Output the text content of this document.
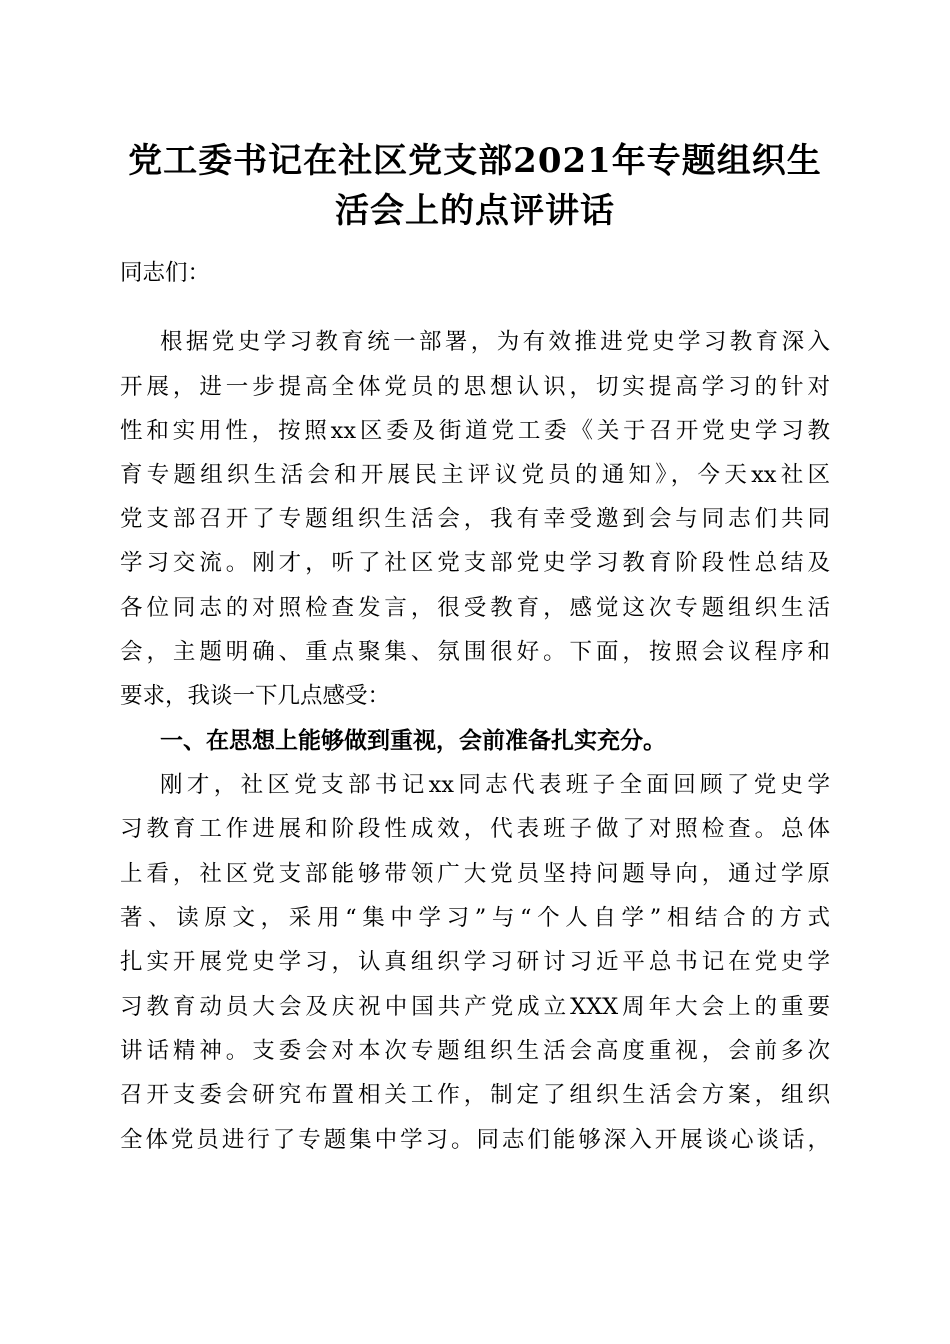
党工委书记在社区党支部2021年专题组织生
活会上的点评讲话
同志们：
根据党史学习教育统一部署，为有效推进党史学习教育深入
开展，进一步提高全体党员的思想认识，切实提高学习的针对
性和实用性，按照xx区委及街道党工委《关于召开党史学习教
育专题组织生活会和开展民主评议党员的通知》，今天xx社区
党支部召开了专题组织生活会，我有幸受邀到会与同志们共同
学习交流。刚才，听了社区党支部党史学习教育阶段性总结及
各位同志的对照检查发言，很受教育，感觉这次专题组织生活
会，主题明确、重点聚集、氛围很好。下面，按照会议程序和
要求，我谈一下几点感受：
一、在思想上能够做到重视，会前准备扎实充分。
刚才，社区党支部书记xx同志代表班子全面回顾了党史学
习教育工作进展和阶段性成效，代表班子做了对照检查。总体
上看，社区党支部能够带领广大党员坚持问题导向，通过学原
著、读原文，采用“集中学习”与“个人自学”相结合的方式
扎实开展党史学习，认真组织学习研讨习近平总书记在党史学
习教育动员大会及庆祝中国共产党成立XXX周年大会上的重要
讲话精神。支委会对本次专题组织生活会高度重视，会前多次
召开支委会研究布置相关工作，制定了组织生活会方案，组织
全体党员进行了专题集中学习。同志们能够深入开展谈心谈话，
